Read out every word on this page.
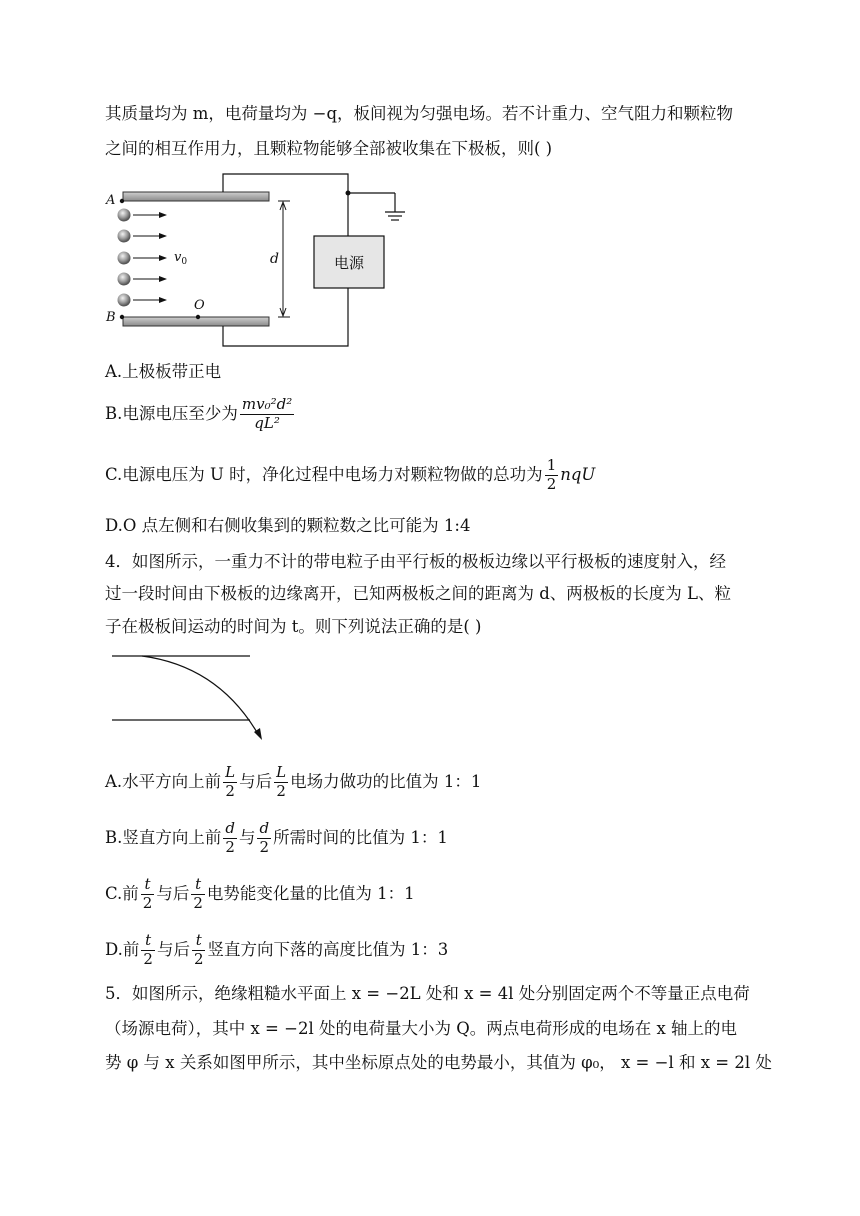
其质量均为 m，电荷量均为 −q，板间视为匀强电场。若不计重力、空气阻力和颗粒物
之间的相互作用力，且颗粒物能够全部被收集在下极板，则( )
电源
d
A
B
O
$v_0$
A.上极板带正电
B.电源电压至少为 $\frac{\text{mv₀²d²}}{\text{qL²}}$
C.电源电压为 U 时，净化过程中电场力对颗粒物做的总功为 $\frac{1}{2}$ nqU
D.O 点左侧和右侧收集到的颗粒数之比可能为 1:4
4．如图所示，一重力不计的带电粒子由平行板的极板边缘以平行极板的速度射入，经
过一段时间由下极板的边缘离开，已知两极板之间的距离为 d、两极板的长度为 L、粒
子在极板间运动的时间为 t。则下列说法正确的是( )
A.水平方向上前 $\frac{L}{2}$ 与后 $\frac{L}{2}$ 电场力做功的比值为 1：1
B.竖直方向上前 $\frac{d}{2}$ 与 $\frac{d}{2}$ 所需时间的比值为 1：1
C.前 $\frac{t}{2}$ 与后 $\frac{t}{2}$ 电势能变化量的比值为 1：1
D.前 $\frac{t}{2}$ 与后 $\frac{t}{2}$ 竖直方向下落的高度比值为 1：3
5．如图所示，绝缘粗糙水平面上 x = −2L 处和 x = 4l 处分别固定两个不等量正点电荷
（场源电荷），其中 x = −2l 处的电荷量大小为 Q。两点电荷形成的电场在 x 轴上的电
势 φ 与 x 关系如图甲所示，其中坐标原点处的电势最小，其值为 φ₀， x = −l 和 x = 2l 处
